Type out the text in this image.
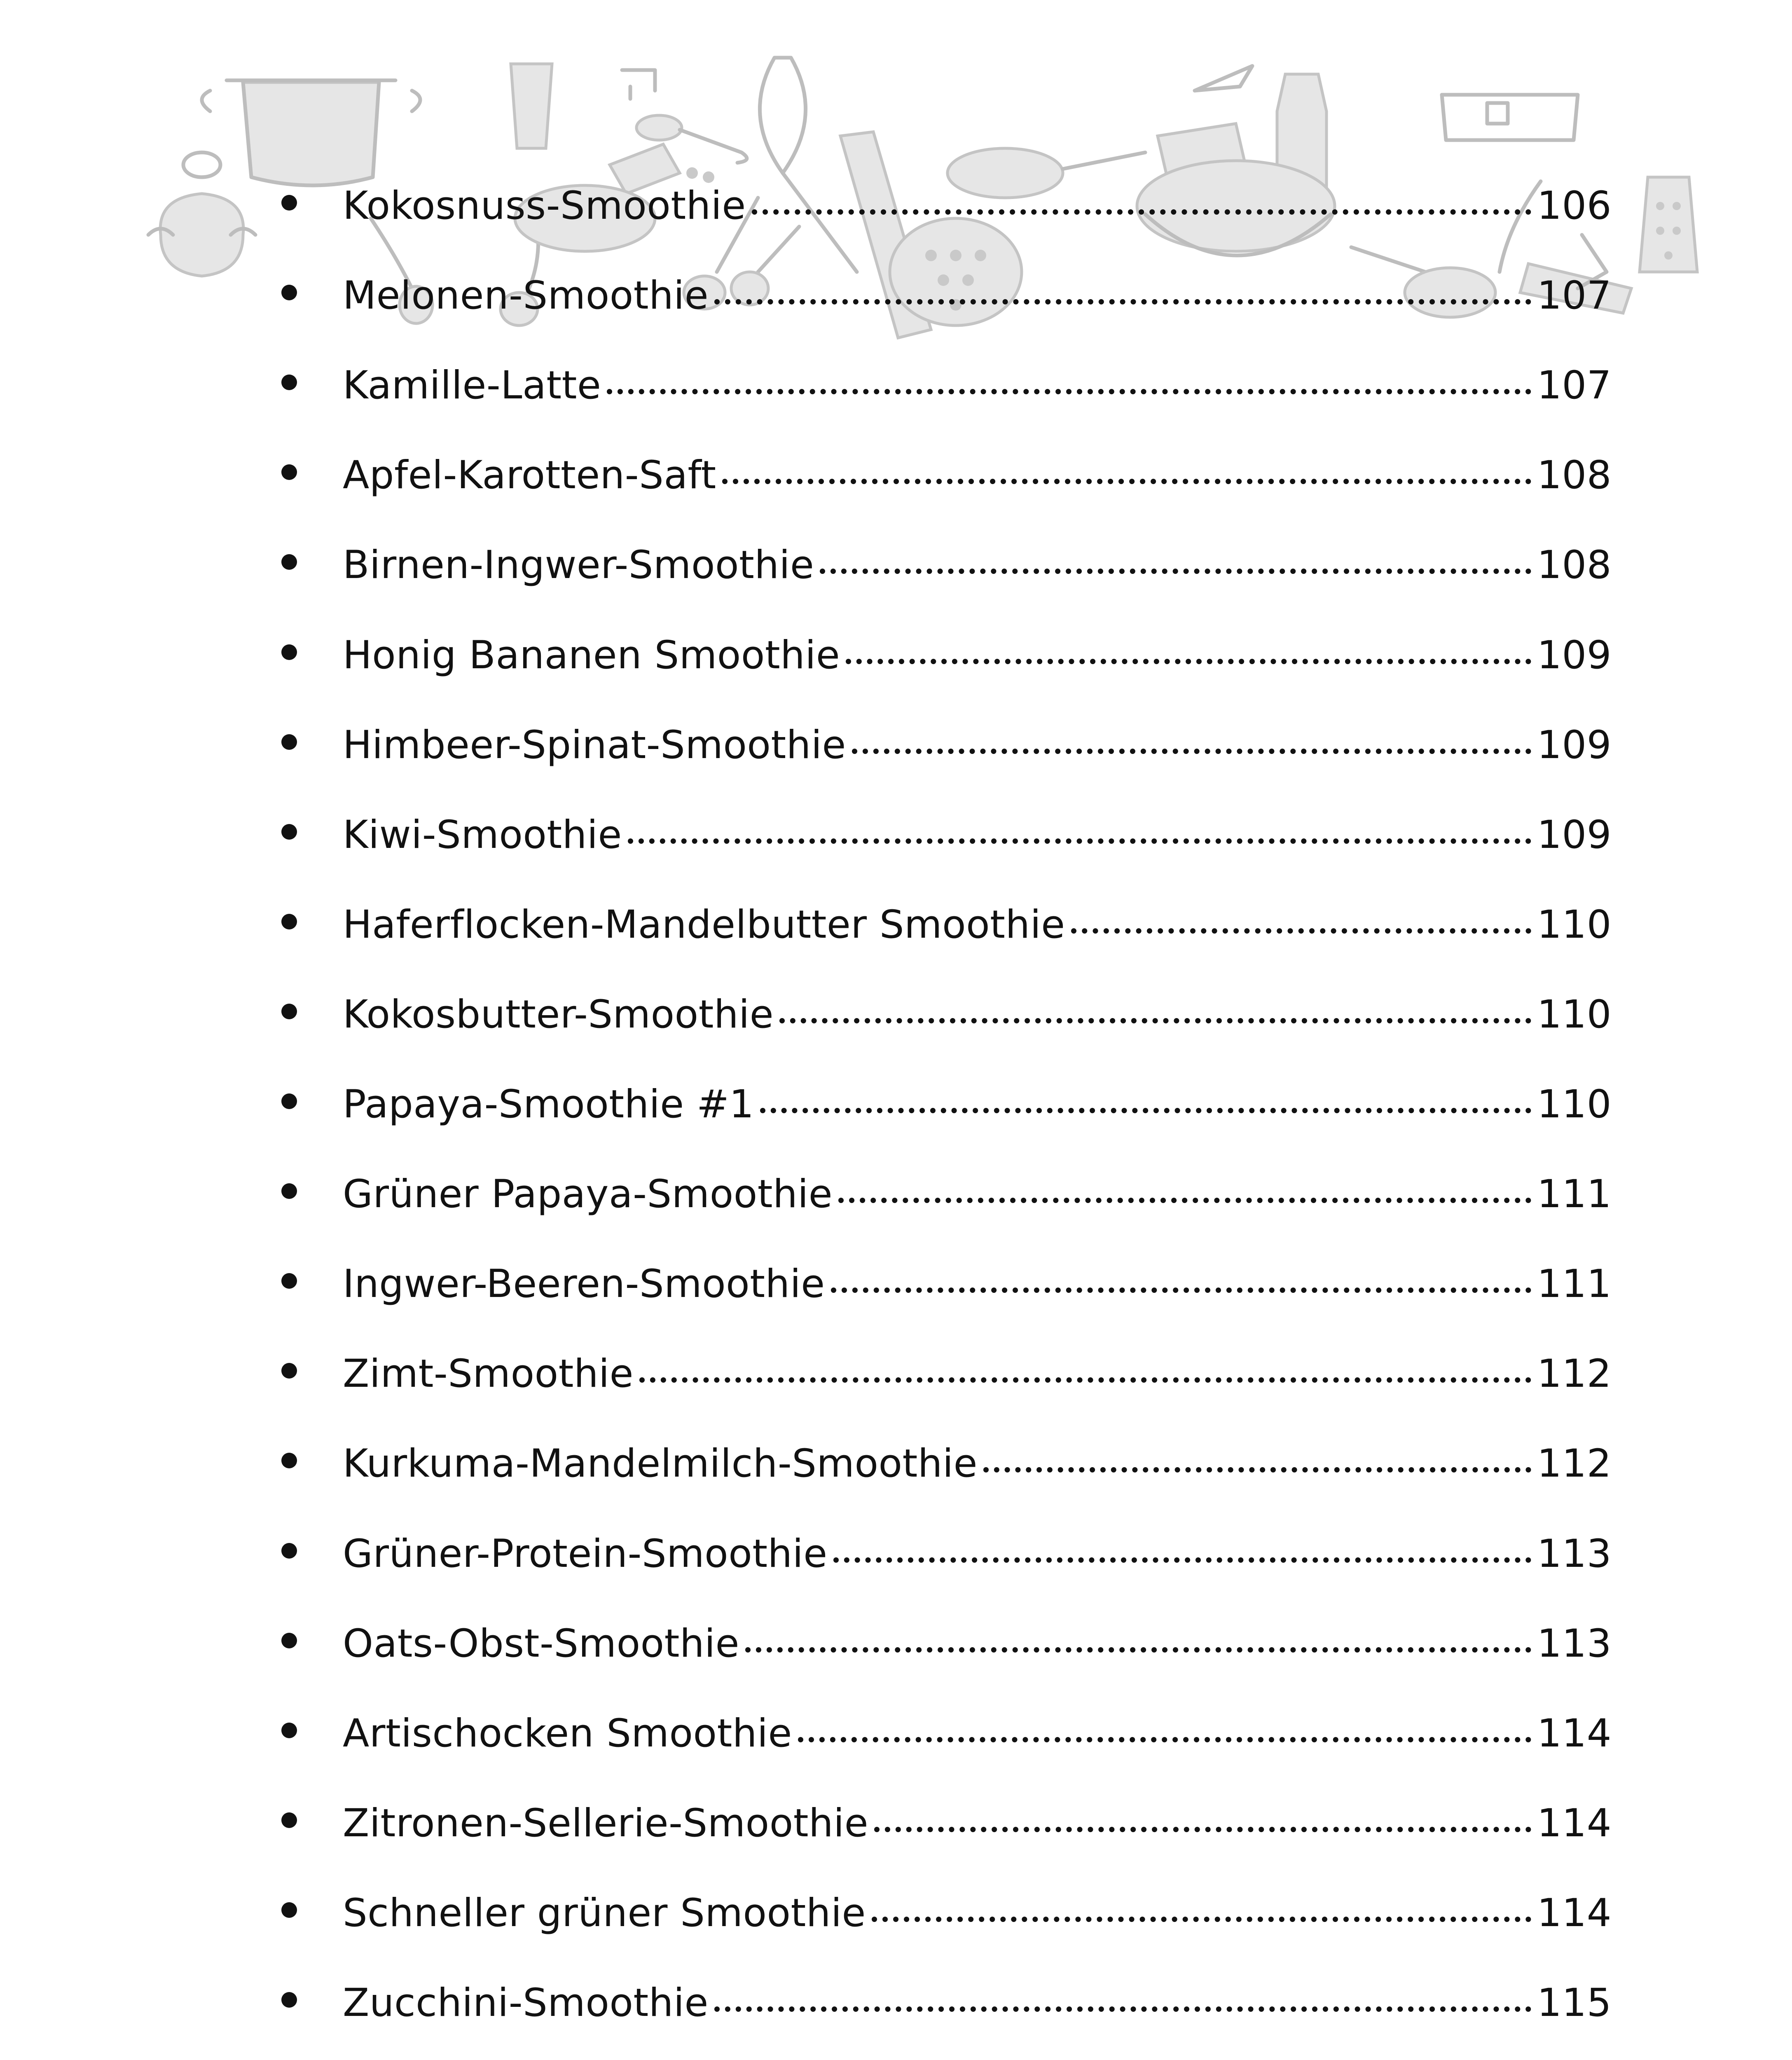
Kokosnuss-Smoothie	106
Melonen-Smoothie	107
Kamille-Latte	107
Apfel-Karotten-Saft	108
Birnen-Ingwer-Smoothie	108
Honig Bananen Smoothie	109
Himbeer-Spinat-Smoothie	109
Kiwi-Smoothie	109
Haferflocken-Mandelbutter Smoothie	110
Kokosbutter-Smoothie	110
Papaya-Smoothie #1	110
Grüner Papaya-Smoothie	111
Ingwer-Beeren-Smoothie	111
Zimt-Smoothie	112
Kurkuma-Mandelmilch-Smoothie	112
Grüner-Protein-Smoothie	113
Oats-Obst-Smoothie	113
Artischocken Smoothie	114
Zitronen-Sellerie-Smoothie	114
Schneller grüner Smoothie	114
Zucchini-Smoothie	115
